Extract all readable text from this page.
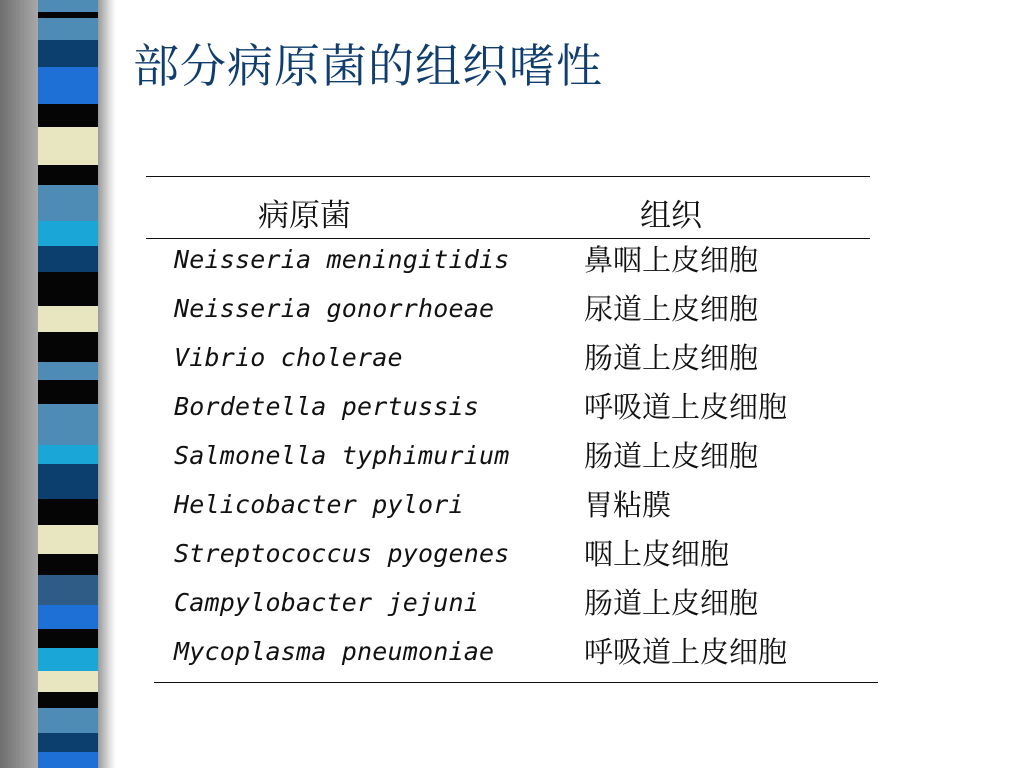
部分病原菌的组织嗜性
病原菌	组织
Neisseria meningitidis	鼻咽上皮细胞
Neisseria gonorrhoeae	尿道上皮细胞
Vibrio cholerae	肠道上皮细胞
Bordetella pertussis	呼吸道上皮细胞
Salmonella typhimurium	肠道上皮细胞
Helicobacter pylori	胃粘膜
Streptococcus pyogenes	咽上皮细胞
Campylobacter jejuni	肠道上皮细胞
Mycoplasma pneumoniae	呼吸道上皮细胞
